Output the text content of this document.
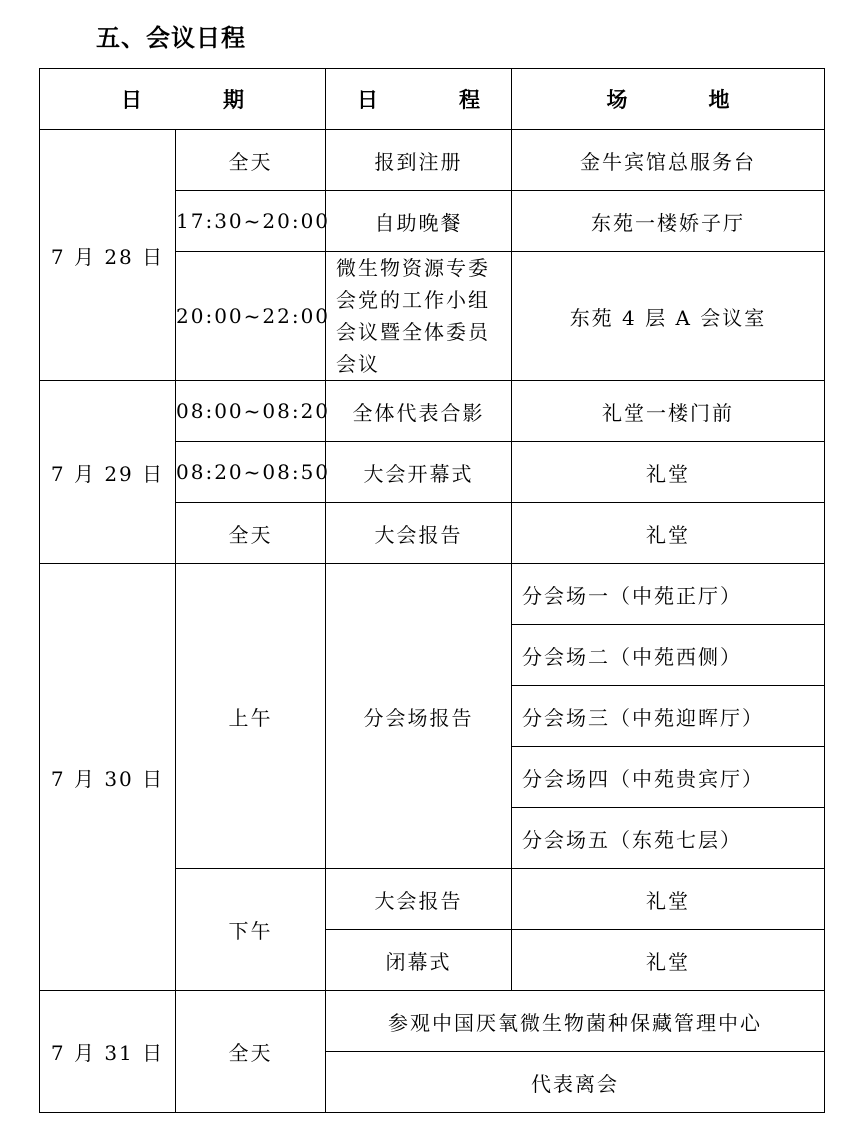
五、会议日程
日　期		日　程	场　地
7 月 28 日	全天	报到注册	金牛宾馆总服务台
	17:30~20:00	自助晚餐	东苑一楼娇子厅
	20:00~22:00	微生物资源专委会党的工作小组会议暨全体委员会议	东苑 4 层 A 会议室
7 月 29 日	08:00~08:20	全体代表合影	礼堂一楼门前
	08:20~08:50	大会开幕式	礼堂
	全天	大会报告	礼堂
7 月 30 日	上午	分会场报告	分会场一（中苑正厅）
			分会场二（中苑西侧）
			分会场三（中苑迎晖厅）
			分会场四（中苑贵宾厅）
			分会场五（东苑七层）
	下午	大会报告	礼堂
		闭幕式	礼堂
7 月 31 日	全天	参观中国厌氧微生物菌种保藏管理中心	
		代表离会	
